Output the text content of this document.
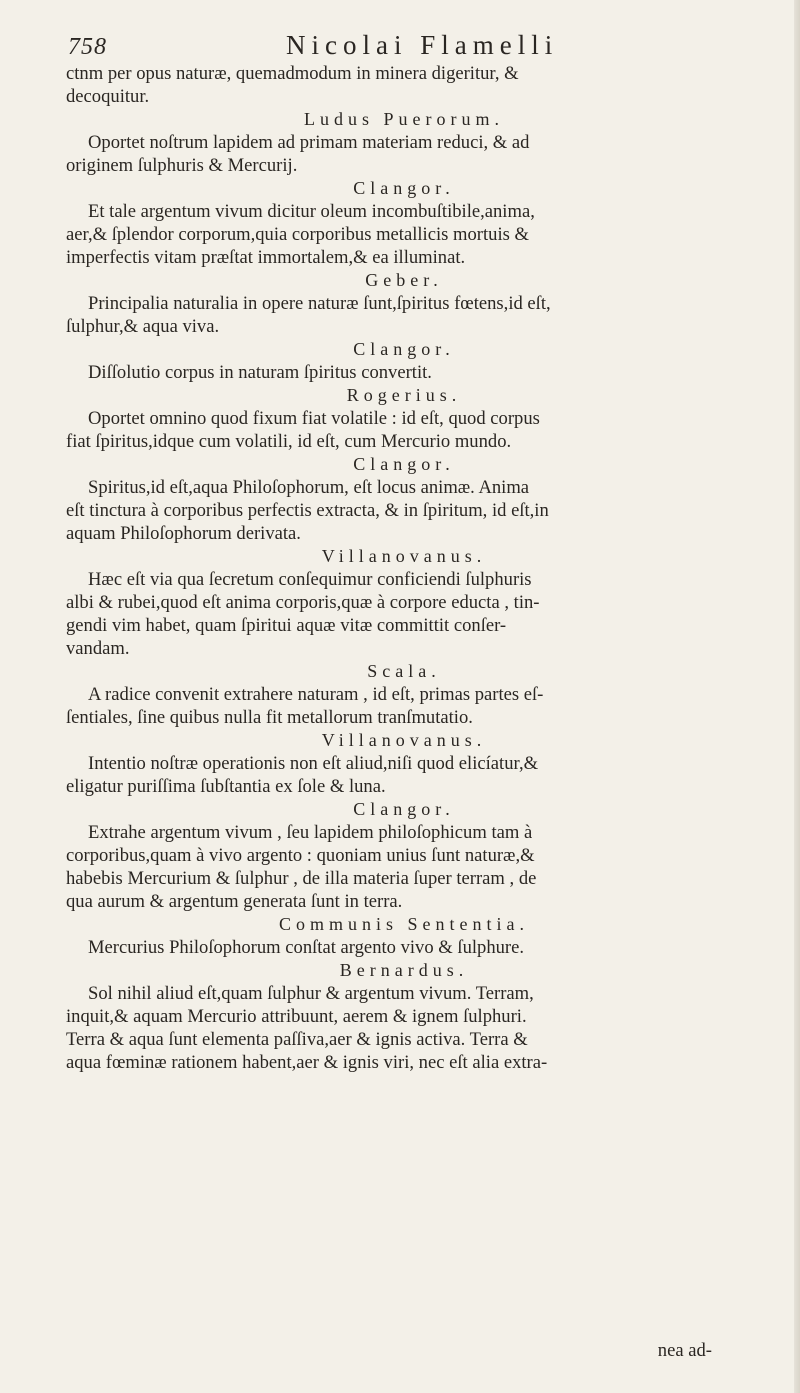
758	Nicolai Flamelli
ctnm per opus naturæ, quemadmodum in minera digeritur, &
decoquitur.

Ludus Puerorum.

Oportet noſtrum lapidem ad primam materiam reduci, & ad
originem ſulphuris & Mercurij.

Clangor.

Et tale argentum vivum dicitur oleum incombuſtibile,anima,
aer,& ſplendor corporum,quia corporibus metallicis mortuis &
imperfectis vitam præſtat immortalem,& ea illuminat.

Geber.

Principalia naturalia in opere naturæ ſunt,ſpiritus fœtens,id eſt,
ſulphur,& aqua viva.

Clangor.

Diſſolutio corpus in naturam ſpiritus convertit.

Rogerius.

Oportet omnino quod fixum fiat volatile : id eſt, quod corpus
fiat ſpiritus,idque cum volatili, id eſt, cum Mercurio mundo.

Clangor.

Spiritus,id eſt,aqua Philoſophorum, eſt locus animæ. Anima
eſt tinctura à corporibus perfectis extracta, & in ſpiritum, id eſt,in
aquam Philoſophorum derivata.

Villanovanus.

Hæc eſt via qua ſecretum conſequimur conficiendi ſulphuris
albi & rubei,quod eſt anima corporis,quæ à corpore educta , tin-
gendi vim habet, quam ſpiritui aquæ vitæ committit conſer-
vandam.

Scala.

A radice convenit extrahere naturam , id eſt, primas partes eſ-
ſentiales, ſine quibus nulla fit metallorum tranſmutatio.

Villanovanus.

Intentio noſtræ operationis non eſt aliud,niſi quod elicíatur,&
eligatur puriſſima ſubſtantia ex ſole & luna.

Clangor.

Extrahe argentum vivum , ſeu lapidem philoſophicum tam à
corporibus,quam à vivo argento : quoniam unius ſunt naturæ,&
habebis Mercurium & ſulphur , de illa materia ſuper terram , de
qua aurum & argentum generata ſunt in terra.

Communis Sententia.

Mercurius Philoſophorum conſtat argento vivo & ſulphure.

Bernardus.

Sol nihil aliud eſt,quam ſulphur & argentum vivum. Terram,
inquit,& aquam Mercurio attribuunt, aerem & ignem ſulphuri.
Terra & aqua ſunt elementa paſſiva,aer & ignis activa. Terra &
aqua fœminæ rationem habent,aer & ignis viri, nec eſt alia extra-
nea ad-
